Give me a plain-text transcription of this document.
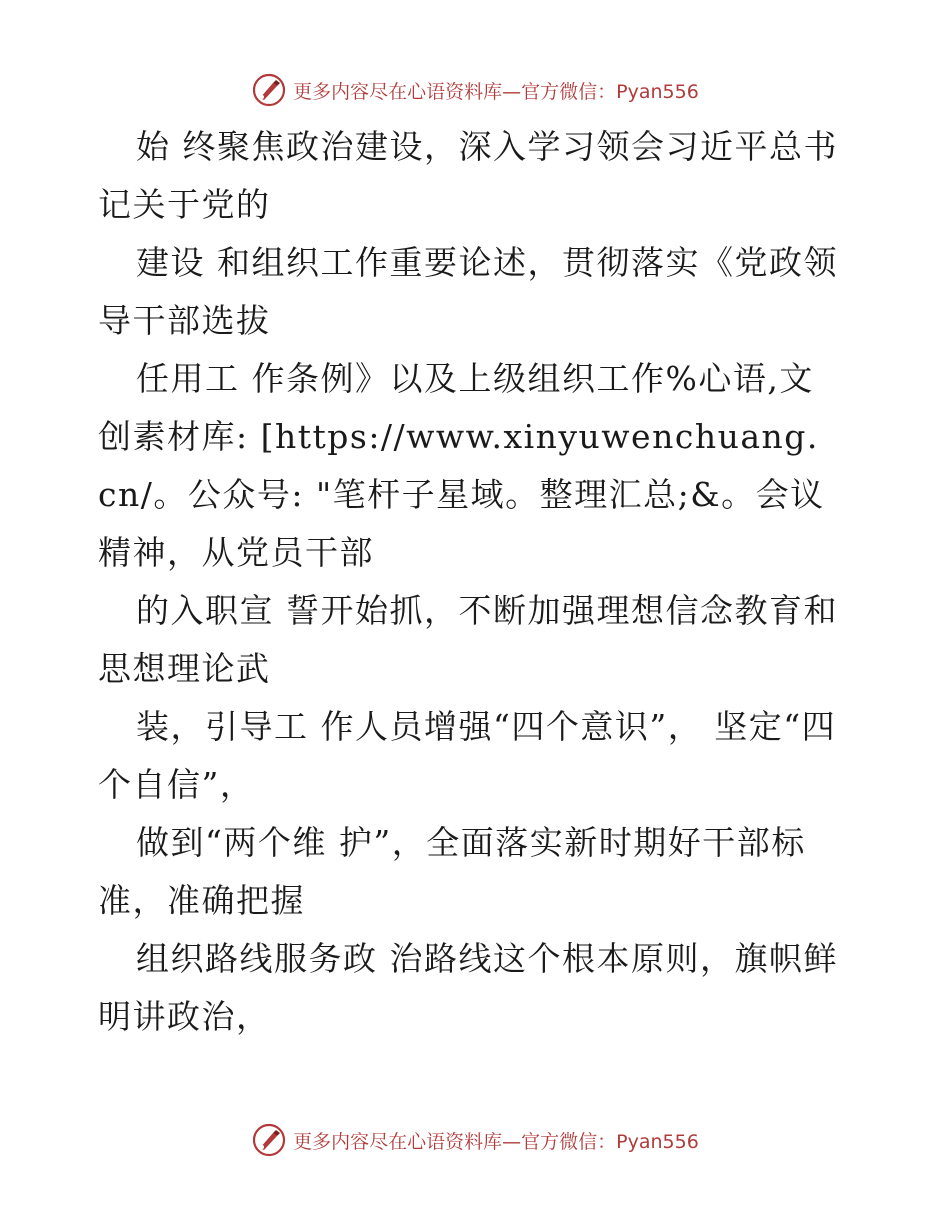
更多内容尽在心语资料库—官方微信：Pyan556

始 终聚焦政治建设，深入学习领会习近平总书记关于党的

建设 和组织工作重要论述，贯彻落实《党政领导干部选拔

任用工 作条例》以及上级组织工作%心语,文创素材库: [https://www.xinyuwenchuang.cn/。公众号: "笔杆子星域。整理汇总;&。会议精神，从党员干部

的入职宣 誓开始抓，不断加强理想信念教育和思想理论武

装，引导工 作人员增强“四个意识”， 坚定“四个自信”，

做到“两个维 护”，全面落实新时期好干部标准，准确把握

组织路线服务政 治路线这个根本原则，旗帜鲜明讲政治，

更多内容尽在心语资料库—官方微信：Pyan556
